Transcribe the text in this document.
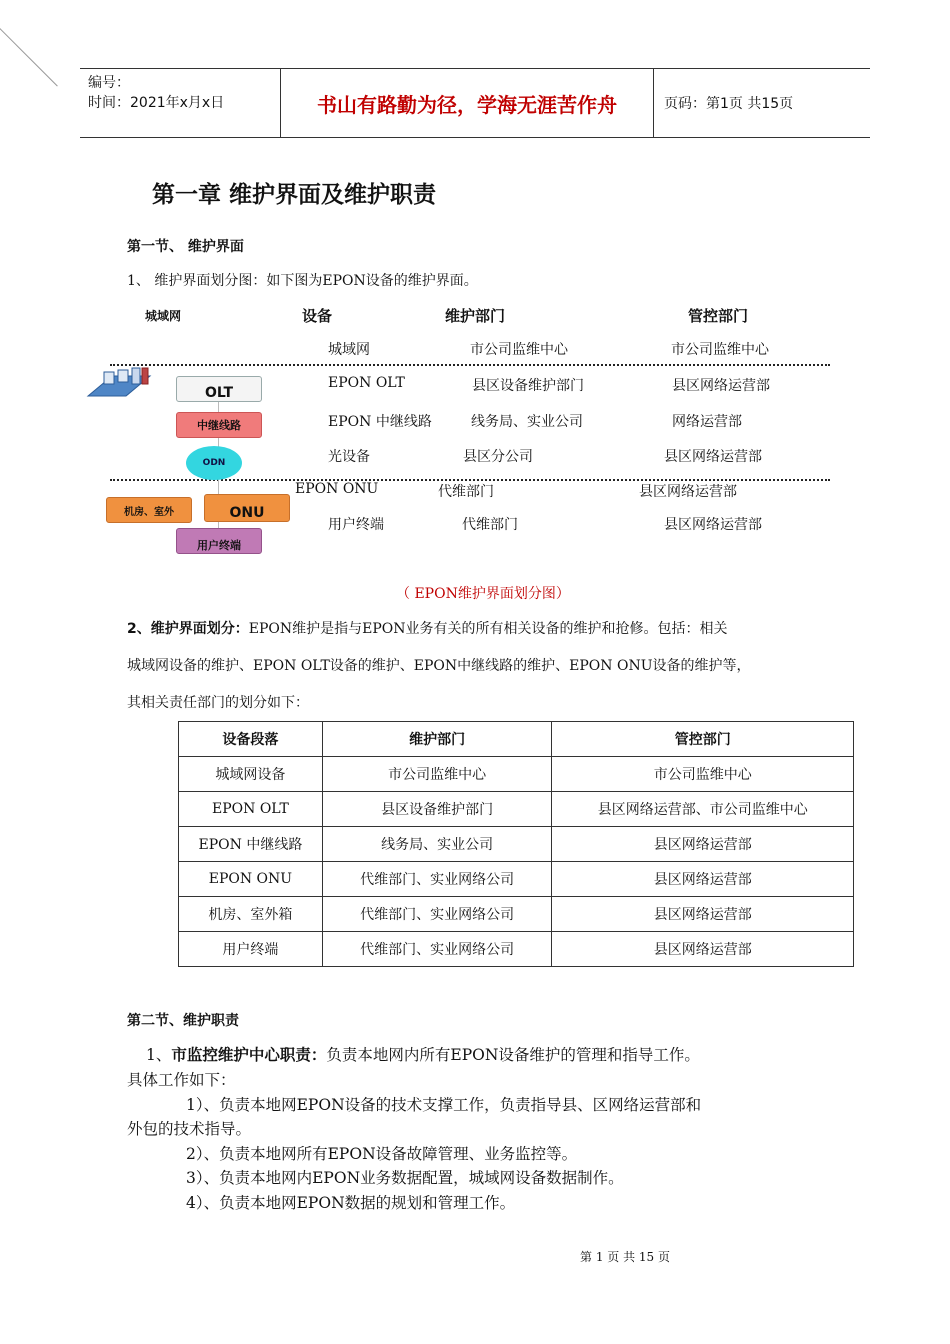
编号：
时间：2021年x月x日	书山有路勤为径，学海无涯苦作舟	页码：第1页 共15页
第一章 维护界面及维护职责
第一节、 维护界面
1、 维护界面划分图：如下图为EPON设备的维护界面。
城域网	设备	维护部门	管控部门
城域网	市公司监维中心	市公司监维中心
EPON OLT	县区设备维护部门	县区网络运营部
EPON 中继线路	线务局、实业公司	网络运营部
光设备	县区分公司	县区网络运营部
EPON ONU	代维部门	县区网络运营部
用户终端	代维部门	县区网络运营部
OLT
中继线路
ODN
机房、室外	ONU
用户终端
（ EPON维护界面划分图）
2、维护界面划分：EPON维护是指与EPON业务有关的所有相关设备的维护和抢修。包括：相关
城域网设备的维护、EPON OLT设备的维护、EPON中继线路的维护、EPON ONU设备的维护等，
其相关责任部门的划分如下：
设备段落	维护部门	管控部门
城域网设备	市公司监维中心	市公司监维中心
EPON OLT	县区设备维护部门	县区网络运营部、市公司监维中心
EPON 中继线路	线务局、实业公司	县区网络运营部
EPON ONU	代维部门、实业网络公司	县区网络运营部
机房、室外箱	代维部门、实业网络公司	县区网络运营部
用户终端	代维部门、实业网络公司	县区网络运营部
第二节、维护职责
1、市监控维护中心职责：负责本地网内所有EPON设备维护的管理和指导工作。
具体工作如下：
1）、负责本地网EPON设备的技术支撑工作，负责指导县、区网络运营部和
外包的技术指导。
2）、负责本地网所有EPON设备故障管理、业务监控等。
3）、负责本地网内EPON业务数据配置，城域网设备数据制作。
4）、负责本地网EPON数据的规划和管理工作。
第 1 页 共 15 页
